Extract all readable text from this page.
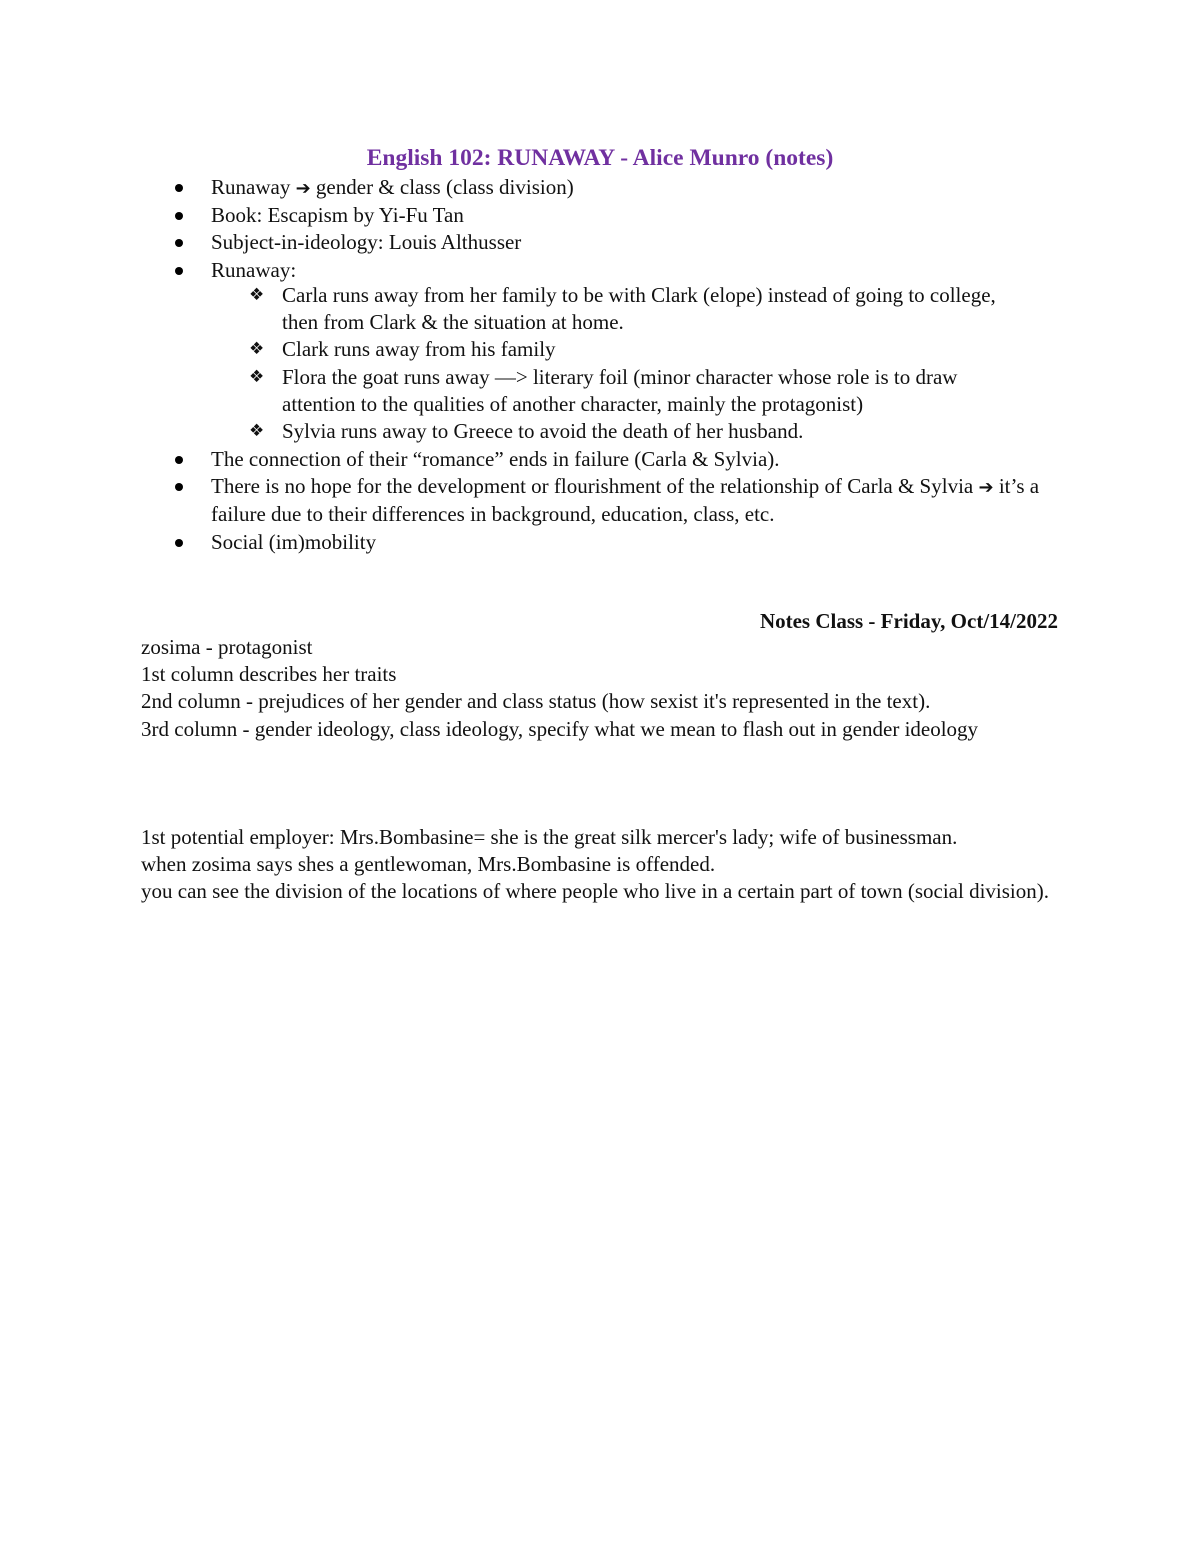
English 102: RUNAWAY - Alice Munro (notes)
Runaway ➔ gender & class (class division)
Book: Escapism by Yi-Fu Tan
Subject-in-ideology: Louis Althusser
Runaway:
❖ Carla runs away from her family to be with Clark (elope) instead of going to college, then from Clark & the situation at home.
❖ Clark runs away from his family
❖ Flora the goat runs away —> literary foil (minor character whose role is to draw attention to the qualities of another character, mainly the protagonist)
❖ Sylvia runs away to Greece to avoid the death of her husband.
The connection of their “romance” ends in failure (Carla & Sylvia).
There is no hope for the development or flourishment of the relationship of Carla & Sylvia ➔ it’s a failure due to their differences in background, education, class, etc.
Social (im)mobility
Notes Class - Friday, Oct/14/2022

zosima - protagonist

1st column describes her traits

2nd column - prejudices of her gender and class status (how sexist it's represented in the text).

3rd column - gender ideology, class ideology, specify what we mean to flash out in gender ideology

1st potential employer: Mrs.Bombasine= she is the great silk mercer's lady; wife of businessman.

when zosima says shes a gentlewoman, Mrs.Bombasine is offended.

you can see the division of the locations of where people who live in a certain part of town (social division).
